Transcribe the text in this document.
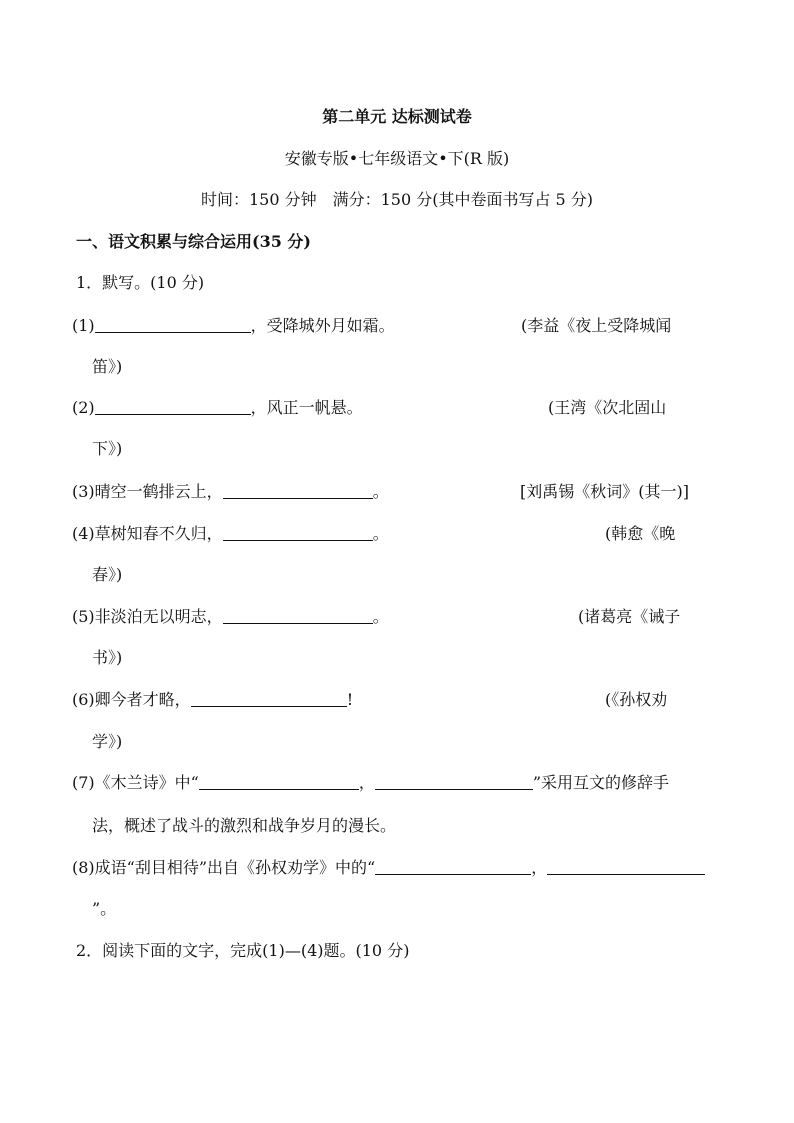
第二单元 达标测试卷
安徽专版•七年级语文•下(R 版)
时间：150 分钟　满分：150 分(其中卷面书写占 5 分)
一、语文积累与综合运用(35 分)
1．默写。(10 分)
(1)	，受降城外月如霜。	(李益《夜上受降城闻
笛》)
(2)	，风正一帆悬。	(王湾《次北固山
下》)
(3)晴空一鹤排云上，	。	[刘禹锡《秋词》(其一)]
(4)草树知春不久归，	。	(韩愈《晚
春》)
(5)非淡泊无以明志，	。	(诸葛亮《诫子
书》)
(6)卿今者才略，	!	(《孙权劝
学》)
(7)《木兰诗》中“	，	”采用互文的修辞手
法，概述了战斗的激烈和战争岁月的漫长。
(8)成语“刮目相待”出自《孙权劝学》中的“	，
”。
2．阅读下面的文字，完成(1)—(4)题。(10 分)
